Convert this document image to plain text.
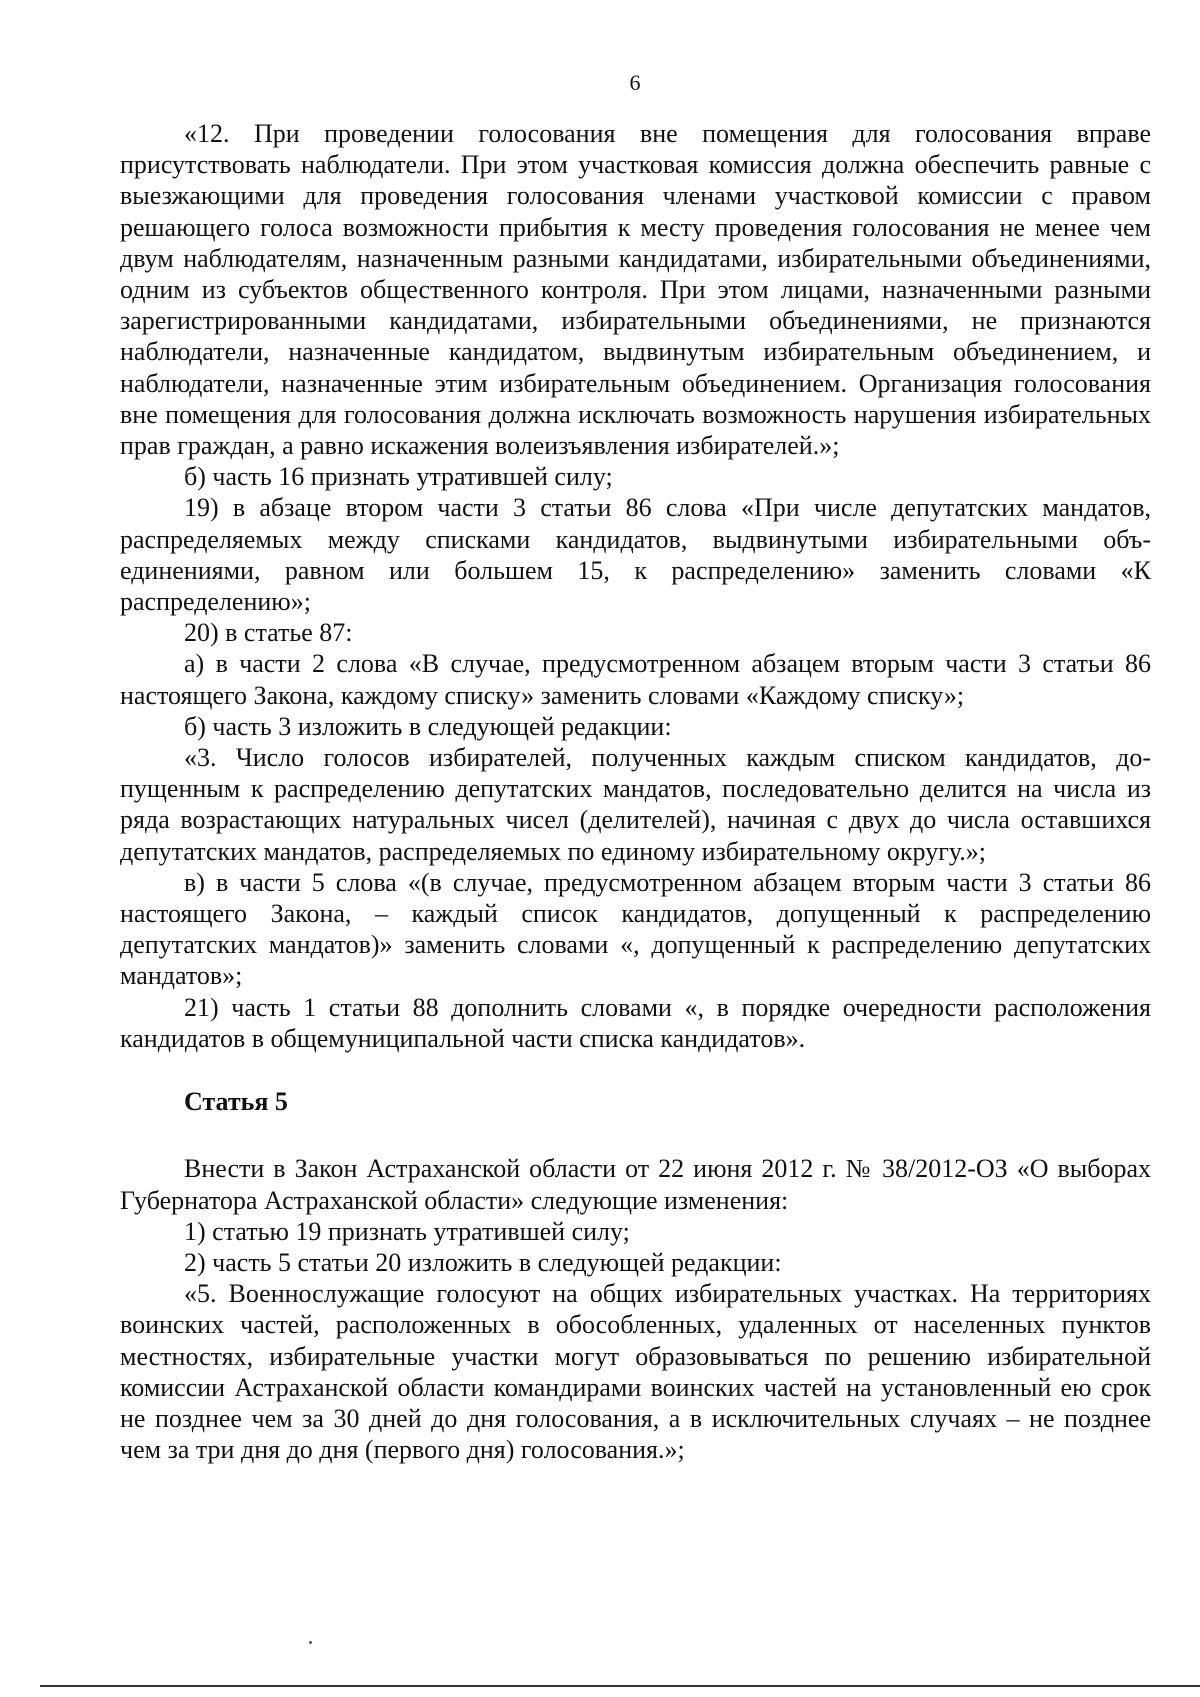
6

«12. При проведении голосования вне помещения для голосования вправе присутствовать наблюдатели. При этом участковая комиссия должна обеспечить равные с выезжающими для проведения голосования членами участковой комиссии с правом решающего голоса возможности прибытия к месту проведения голосования не менее чем двум наблюдателям, назначенным разными кандидатами, избирательными объединениями, одним из субъектов общественного контроля. При этом лицами, назначенными разными зарегистрированными кандидатами, избирательными объединениями, не признаются наблюдатели, назначенные кандидатом, выдвинутым избирательным объединением, и наблюдатели, назначенные этим избирательным объединением. Организация голосования вне помещения для голосования должна исключать возможность нарушения избирательных прав граждан, а равно искажения волеизъявления избирателей.»;

б) часть 16 признать утратившей силу;

19) в абзаце втором части 3 статьи 86 слова «При числе депутатских мандатов, распределяемых между списками кандидатов, выдвинутыми избирательными объединениями, равном или большем 15, к распределению» заменить словами «К распределению»;

20) в статье 87:

а) в части 2 слова «В случае, предусмотренном абзацем вторым части 3 статьи 86 настоящего Закона, каждому списку» заменить словами «Каждому списку»;

б) часть 3 изложить в следующей редакции:

«3. Число голосов избирателей, полученных каждым списком кандидатов, допущенным к распределению депутатских мандатов, последовательно делится на числа из ряда возрастающих натуральных чисел (делителей), начиная с двух до числа оставшихся депутатских мандатов, распределяемых по единому избирательному округу.»;

в) в части 5 слова «(в случае, предусмотренном абзацем вторым части 3 статьи 86 настоящего Закона, – каждый список кандидатов, допущенный к распределению депутатских мандатов)» заменить словами «, допущенный к распределению депутатских мандатов»;

21) часть 1 статьи 88 дополнить словами «, в порядке очередности расположения кандидатов в общемуниципальной части списка кандидатов».

Статья 5

Внести в Закон Астраханской области от 22 июня 2012 г. № 38/2012-ОЗ «О выборах Губернатора Астраханской области» следующие изменения:

1) статью 19 признать утратившей силу;

2) часть 5 статьи 20 изложить в следующей редакции:

«5. Военнослужащие голосуют на общих избирательных участках. На территориях воинских частей, расположенных в обособленных, удаленных от населенных пунктов местностях, избирательные участки могут образовываться по решению избирательной комиссии Астраханской области командирами воинских частей на установленный ею срок не позднее чем за 30 дней до дня голосования, а в исключительных случаях – не позднее чем за три дня до дня (первого дня) голосования.»;
